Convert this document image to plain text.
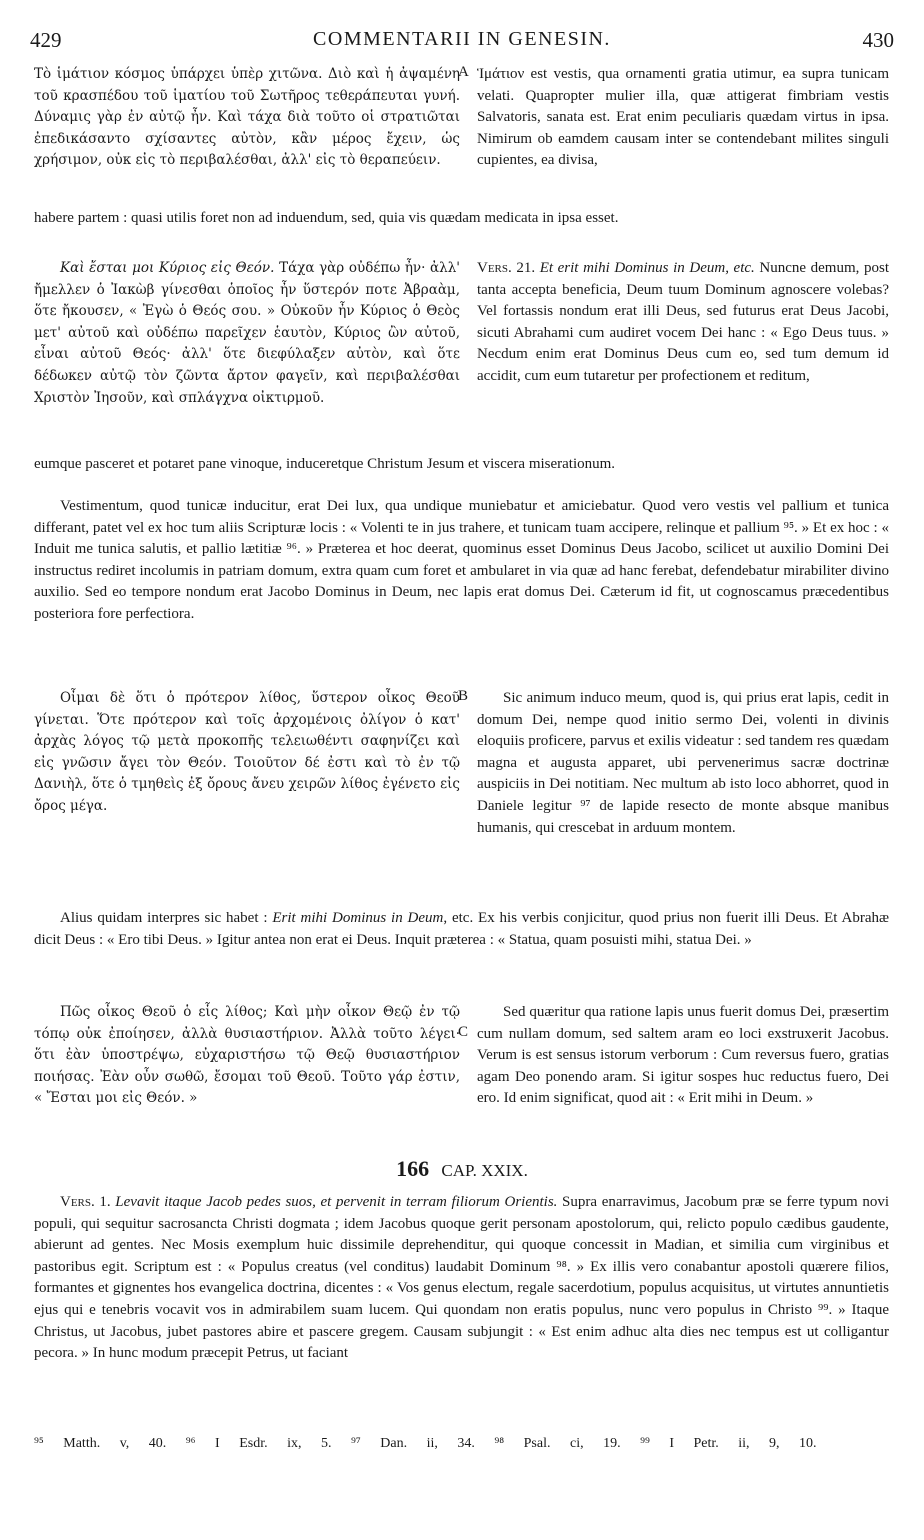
429	COMMENTARII IN GENESIN.	430

Τὸ ἱμάτιον κόσμος ὑπάρχει ὑπὲρ χιτῶνα. Διὸ καὶ ἡ ἀψαμένη τοῦ κρασπέδου τοῦ ἱματίου τοῦ Σωτῆρος τεθεράπευται γυνή. Δύναμις γὰρ ἐν αὐτῷ ἦν. Καὶ τάχα διὰ τοῦτο οἱ στρατιῶται ἐπεδικάσαντο σχίσαντες αὐτὸν, κἂν μέρος ἔχειν, ὡς χρήσιμον, οὐκ εἰς τὸ περιβαλέσθαι, ἀλλ' εἰς τὸ θεραπεύειν.

A Ἱμάτιον est vestis, qua ornamenti gratia utimur, ea supra tunicam velati. Quapropter mulier illa, quæ attigerat fimbriam vestis Salvatoris, sanata est. Erat enim peculiaris quædam virtus in ipsa. Nimirum ob eamdem causam inter se contendebant milites singuli cupientes, ea divisa,

habere partem : quasi utilis foret non ad induendum, sed, quia vis quædam medicata in ipsa esset.

Καὶ ἔσται μοι Κύριος εἰς Θεόν. Τάχα γὰρ οὐδέπω ἦν· ἀλλ' ἤμελλεν ὁ Ἰακὼβ γίνεσθαι ὁποῖος ἦν ὕστερόν ποτε Ἀβραὰμ, ὅτε ἤκουσεν, « Ἐγὼ ὁ Θεός σου. » Οὐκοῦν ἦν Κύριος ὁ Θεὸς μετ' αὐτοῦ καὶ οὐδέπω παρεῖχεν ἑαυτὸν, Κύριος ὢν αὐτοῦ, εἶναι αὐτοῦ Θεός· ἀλλ' ὅτε διεφύλαξεν αὐτὸν, καὶ ὅτε δέδωκεν αὐτῷ τὸν ζῶντα ἄρτον φαγεῖν, καὶ περιβαλέσθαι Χριστὸν Ἰησοῦν, καὶ σπλάγχνα οἰκτιρμοῦ.

Vers. 21. Et erit mihi Dominus in Deum, etc. Nuncne demum, post tanta accepta beneficia, Deum tuum Dominum agnoscere volebas? Vel fortassis nondum erat illi Deus, sed futurus erat Deus Jacobi, sicuti Abrahami cum audiret vocem Dei hanc : « Ego Deus tuus. » Necdum enim erat Dominus Deus cum eo, sed tum demum id accidit, cum eum tutaretur per profectionem et reditum,

eumque pasceret et potaret pane vinoque, induceretque Christum Jesum et viscera miserationum.

Vestimentum, quod tunicæ inducitur, erat Dei lux, qua undique muniebatur et amiciebatur. Quod vero vestis vel pallium et tunica differant, patet vel ex hoc tum aliis Scripturæ locis : « Volenti te in jus trahere, et tunicam tuam accipere, relinque et pallium ⁹⁵. » Et ex hoc : « Induit me tunica salutis, et pallio lætitiæ ⁹⁶. » Præterea et hoc deerat, quominus esset Dominus Deus Jacobo, scilicet ut auxilio Domini Dei instructus rediret incolumis in patriam domum, extra quam cum foret et ambularet in via quæ ad hanc ferebat, defendebatur mirabiliter divino auxilio. Sed eo tempore nondum erat Jacobo Dominus in Deum, nec lapis erat domus Dei. Cæterum id fit, ut cognoscamus præcedentibus posteriora fore perfectiora.

Οἶμαι δὲ ὅτι ὁ πρότερον λίθος, ὕστερον οἶκος Θεοῦ γίνεται. Ὅτε πρότερον καὶ τοῖς ἀρχομένοις ὀλίγον ὁ κατ' ἀρχὰς λόγος τῷ μετὰ προκοπῆς τελειωθέντι σαφηνίζει καὶ εἰς γνῶσιν ἄγει τὸν Θεόν. Τοιοῦτον δέ ἐστι καὶ τὸ ἐν τῷ Δανιὴλ, ὅτε ὁ τμηθεὶς ἐξ ὄρους ἄνευ χειρῶν λίθος ἐγένετο εἰς ὄρος μέγα.

B	Sic animum induco meum, quod is, qui prius erat lapis, cedit in domum Dei, nempe quod initio sermo Dei, volenti in divinis eloquiis proficere, parvus et exilis videatur : sed tandem res quædam magna et augusta apparet, ubi pervenerimus sacræ doctrinæ auspiciis in Dei notitiam. Nec multum ab isto loco abhorret, quod in Daniele legitur ⁹⁷ de lapide resecto de monte absque manibus humanis, qui crescebat in arduum montem.

Alius quidam interpres sic habet : Erit mihi Dominus in Deum, etc. Ex his verbis conjicitur, quod prius non fuerit illi Deus. Et Abrahæ dicit Deus : « Ero tibi Deus. » Igitur antea non erat ei Deus. Inquit præterea : « Statua, quam posuisti mihi, statua Dei. »

Πῶς οἶκος Θεοῦ ὁ εἷς λίθος; Καὶ μὴν οἶκον Θεῷ ἐν τῷ τόπῳ οὐκ ἐποίησεν, ἀλλὰ θυσιαστήριον. Ἀλλὰ τοῦτο λέγει· ὅτι ἐὰν ὑποστρέψω, εὐχαριστήσω τῷ Θεῷ θυσιαστήριον ποιήσας. Ἐὰν οὖν σωθῶ, ἔσομαι τοῦ Θεοῦ. Τοῦτο γάρ ἐστιν, « Ἔσται μοι εἰς Θεόν. »

C

Sed quæritur qua ratione lapis unus fuerit domus Dei, præsertim cum nullam domum, sed saltem aram eo loci exstruxerit Jacobus. Verum is est sensus istorum verborum : Cum reversus fuero, gratias agam Deo ponendo aram. Si igitur sospes huc reductus fuero, Dei ero. Id enim significat, quod ait : « Erit mihi in Deum. »

166 CAP. XXIX.

Vers. 1. Levavit itaque Jacob pedes suos, et pervenit in terram filiorum Orientis. Supra enarravimus, Jacobum præ se ferre typum novi populi, qui sequitur sacrosancta Christi dogmata ; idem Jacobus quoque gerit personam apostolorum, qui, relicto populo cædibus gaudente, abierunt ad gentes. Nec Mosis exemplum huic dissimile deprehenditur, qui quoque concessit in Madian, et similia cum virginibus et pastoribus egit. Scriptum est : « Populus creatus (vel conditus) laudabit Dominum ⁹⁸. » Ex illis vero conabantur apostoli quærere filios, formantes et gignentes hos evangelica doctrina, dicentes : « Vos genus electum, regale sacerdotium, populus acquisitus, ut virtutes annuntietis ejus qui e tenebris vocavit vos in admirabilem suam lucem. Qui quondam non eratis populus, nunc vero populus in Christo ⁹⁹. » Itaque Christus, ut Jacobus, jubet pastores abire et pascere gregem. Causam subjungit : « Est enim adhuc alta dies nec tempus est ut colligantur pecora. » In hunc modum præcepit Petrus, ut faciant

⁹⁵ Matth. v, 40. ⁹⁶ I Esdr. ix, 5. ⁹⁷ Dan. ii, 34. ⁹⁸ Psal. ci, 19. ⁹⁹ I Petr. ii, 9, 10.
